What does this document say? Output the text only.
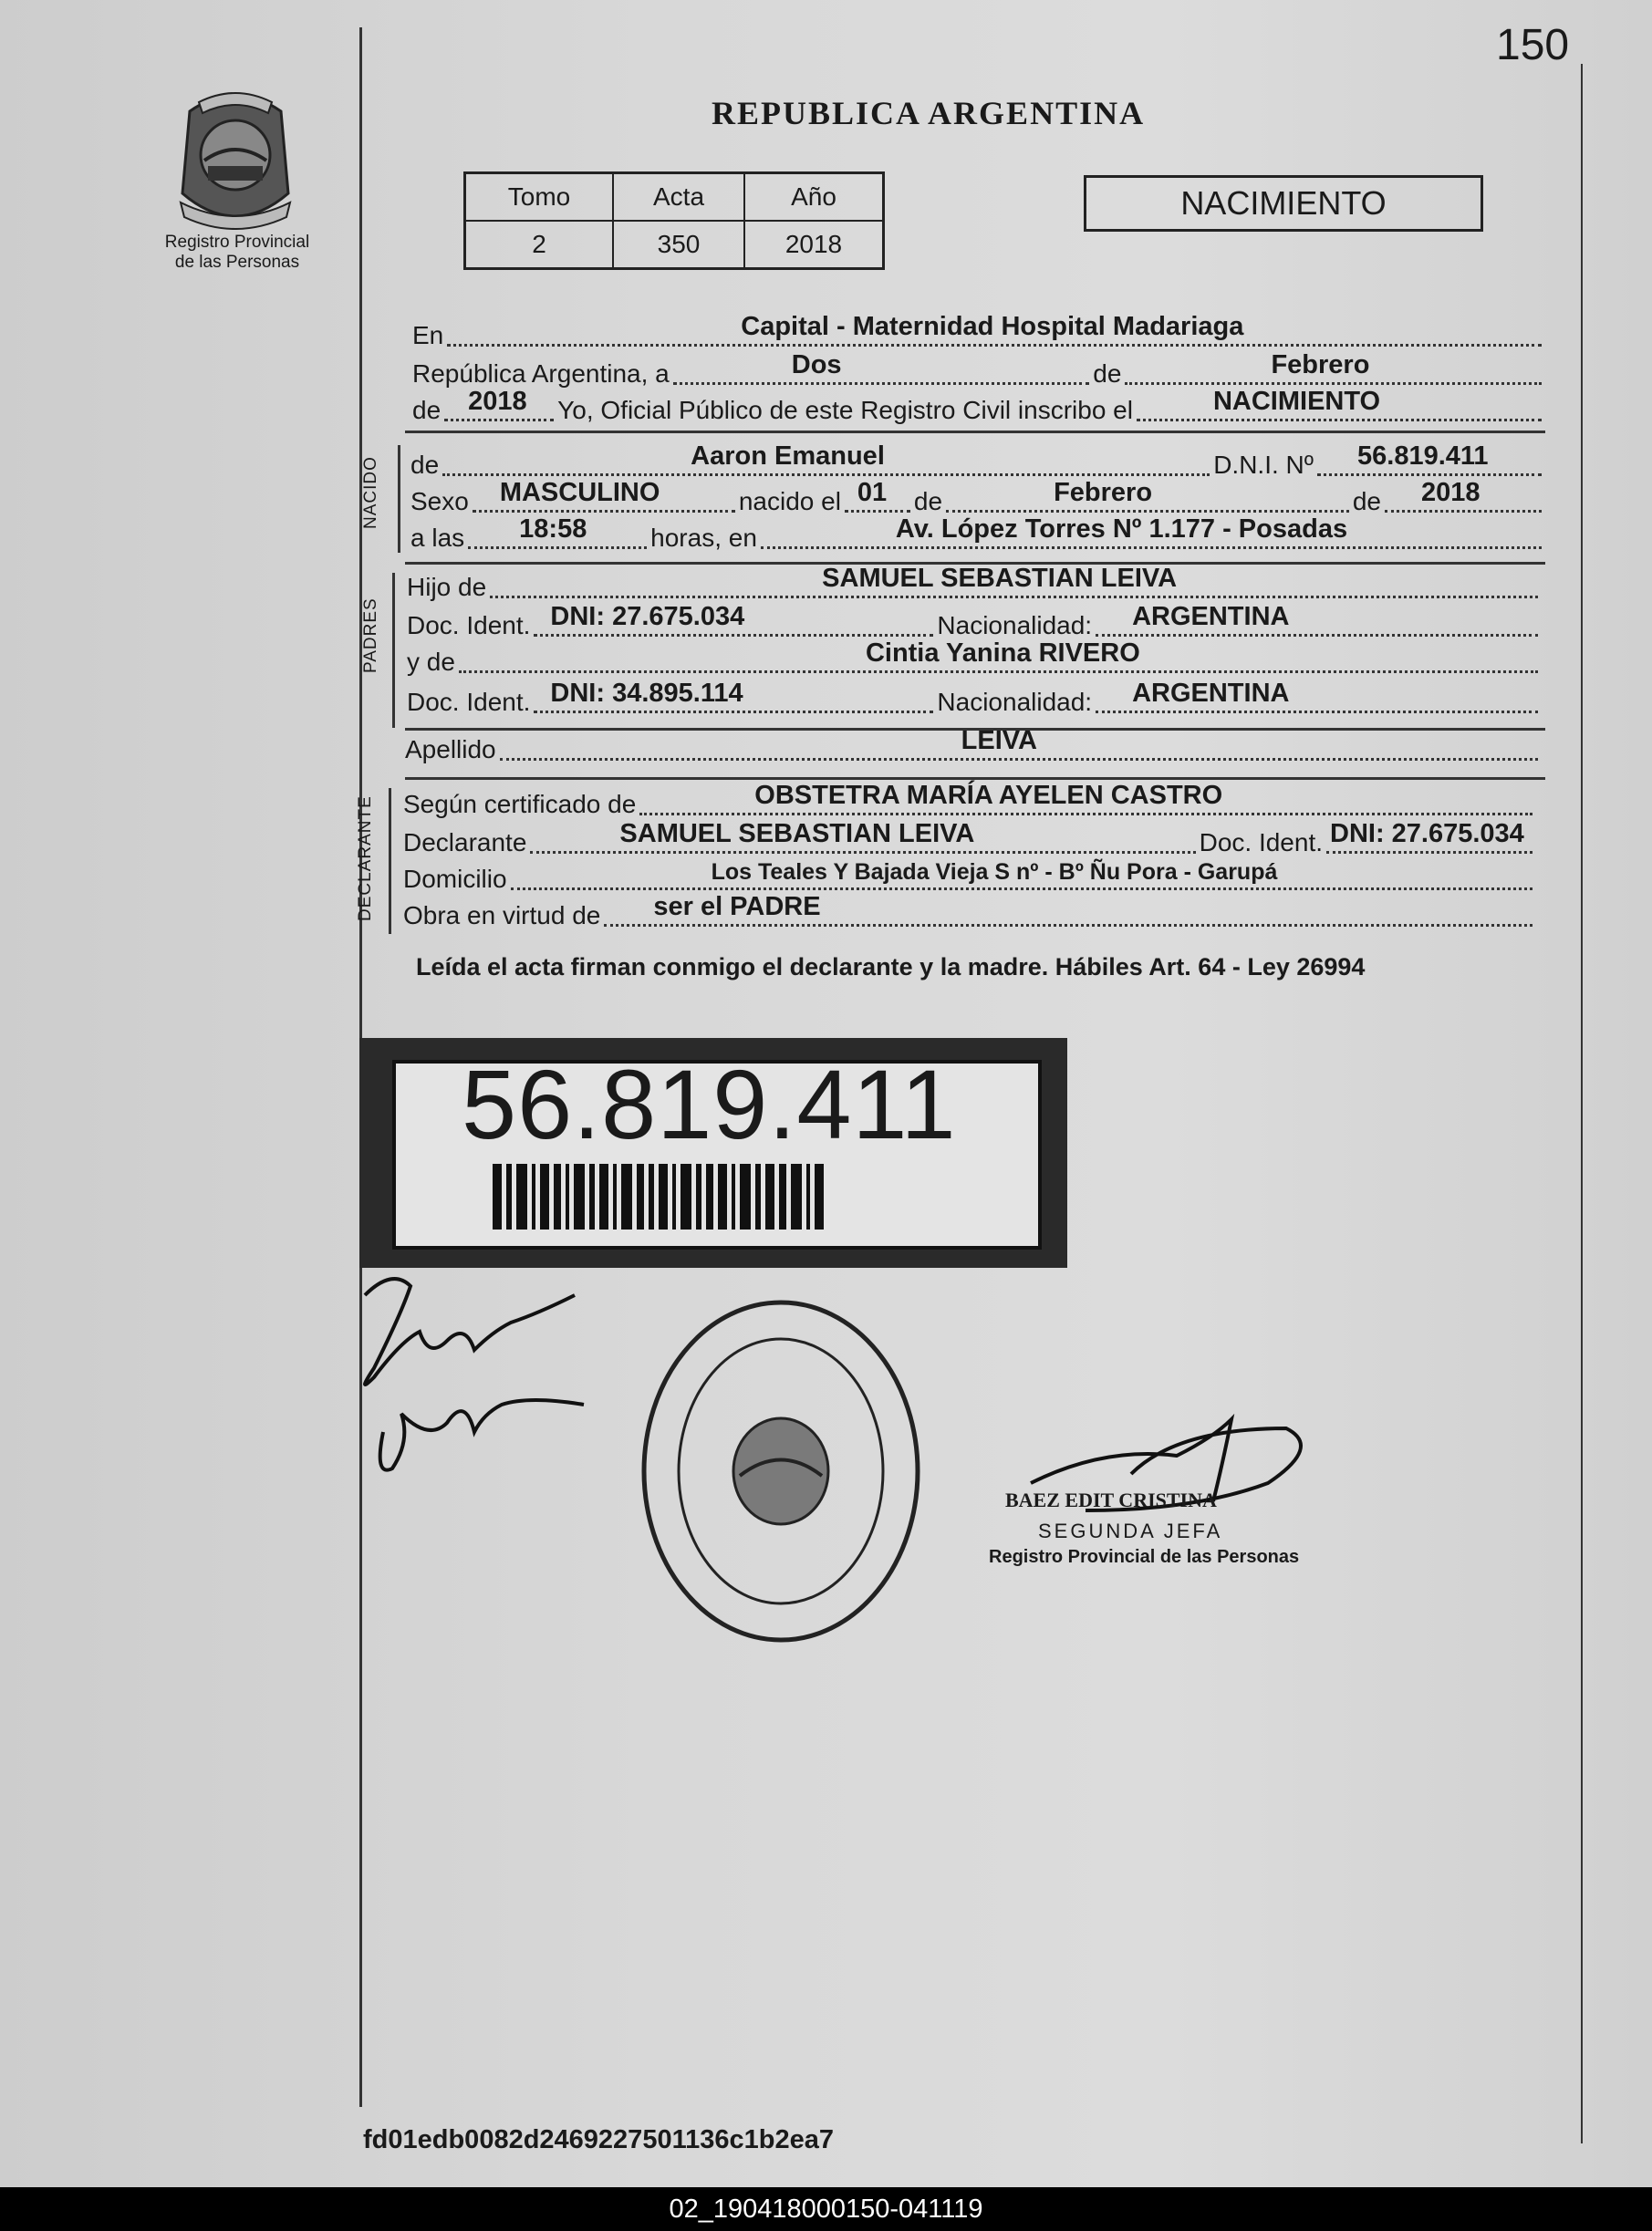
150
Registro Provincial
de las Personas
REPUBLICA ARGENTINA
Tomo	Acta	Año
2	350	2018
NACIMIENTO
En	Capital - Maternidad Hospital Madariaga
República Argentina, a	Dos	de	Febrero
de 2018 Yo, Oficial Público de este Registro Civil inscribo el	NACIMIENTO
NACIDO de	Aaron Emanuel	D.N.I. Nº 56.819.411
Sexo MASCULINO	nacido el 01 de	Febrero	de 2018
a las 18:58 horas, en	Av. López Torres Nº 1.177 - Posadas
PADRES
Hijo de	SAMUEL SEBASTIAN LEIVA
Doc. Ident. DNI: 27.675.034	Nacionalidad: ARGENTINA
y de	Cintia Yanina RIVERO
Doc. Ident. DNI: 34.895.114	Nacionalidad: ARGENTINA
Apellido	LEIVA
DECLARANTE Según certificado de	OBSTETRA MARÍA AYELEN CASTRO
Declarante	SAMUEL SEBASTIAN LEIVA	Doc. Ident. DNI: 27.675.034
Domicilio	Los Teales Y Bajada Vieja S nº - Bº Ñu Pora - Garupá
Obra en virtud de ser el PADRE
Leída el acta firman conmigo el declarante y la madre. Hábiles Art. 64 - Ley 26994
56.819.411
BAEZ EDIT CRISTINA
SEGUNDA JEFA
Registro Provincial de las Personas
fd01edb0082d2469227501136c1b2ea7
02_190418000150-041119
